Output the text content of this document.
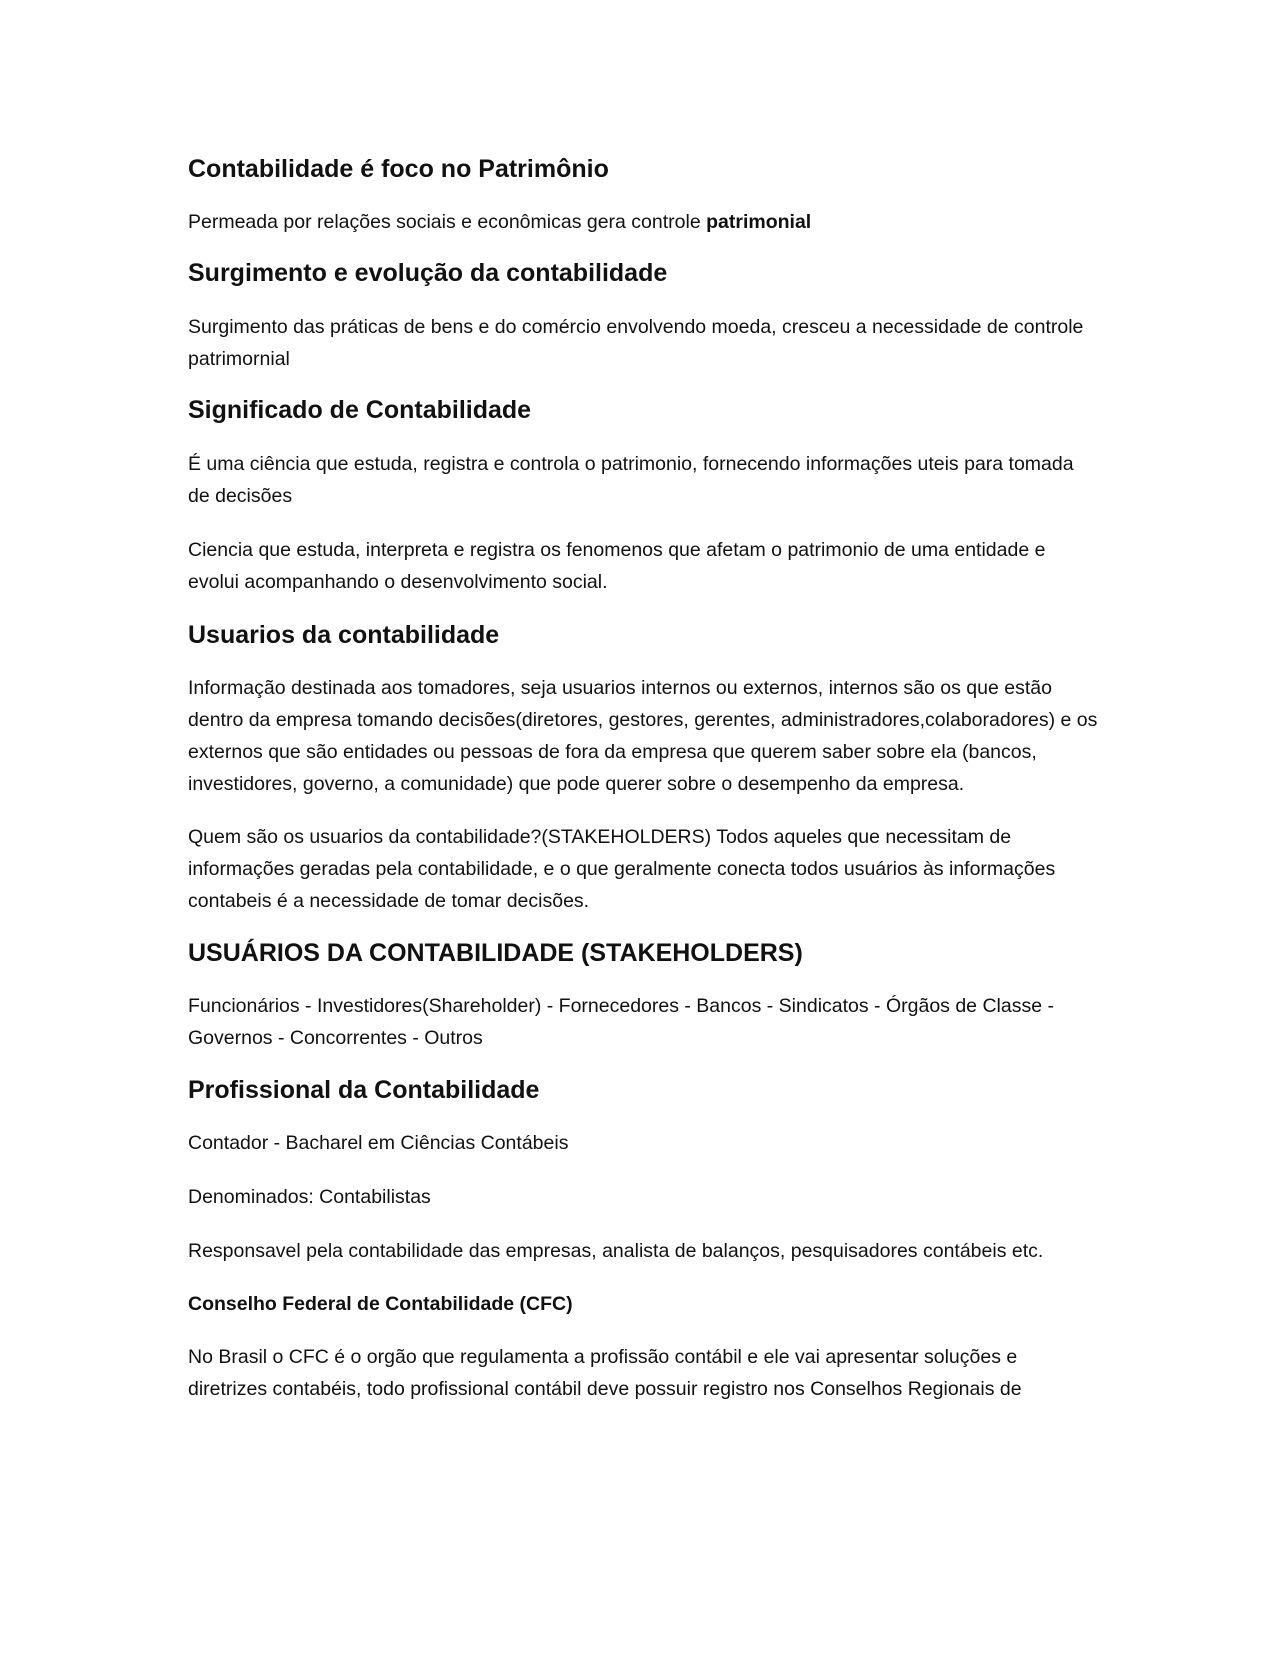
Contabilidade é foco no Patrimônio

Permeada por relações sociais e econômicas gera controle patrimonial

Surgimento e evolução da contabilidade

Surgimento das práticas de bens e do comércio envolvendo moeda, cresceu a necessidade de controle patrimornial

Significado de Contabilidade

É uma ciência que estuda, registra e controla o patrimonio, fornecendo informações uteis para tomada de decisões

Ciencia que estuda, interpreta e registra os fenomenos que afetam o patrimonio de uma entidade e evolui acompanhando o desenvolvimento social.

Usuarios da contabilidade

Informação destinada aos tomadores, seja usuarios internos ou externos, internos são os que estão dentro da empresa tomando decisões(diretores, gestores, gerentes, administradores,colaboradores) e os externos que são entidades ou pessoas de fora da empresa que querem saber sobre ela (bancos, investidores, governo, a comunidade) que pode querer sobre o desempenho da empresa.

Quem são os usuarios da contabilidade?(STAKEHOLDERS) Todos aqueles que necessitam de informações geradas pela contabilidade, e o que geralmente conecta todos usuários às informações contabeis é a necessidade de tomar decisões.

USUÁRIOS DA CONTABILIDADE (STAKEHOLDERS)

Funcionários - Investidores(Shareholder) - Fornecedores - Bancos - Sindicatos - Órgãos de Classe - Governos - Concorrentes - Outros

Profissional da Contabilidade

Contador - Bacharel em Ciências Contábeis

Denominados: Contabilistas

Responsavel pela contabilidade das empresas, analista de balanços, pesquisadores contábeis etc.

Conselho Federal de Contabilidade (CFC)

No Brasil o CFC é o orgão que regulamenta a profissão contábil e ele vai apresentar soluções e diretrizes contabéis, todo profissional contábil deve possuir registro nos Conselhos Regionais de
